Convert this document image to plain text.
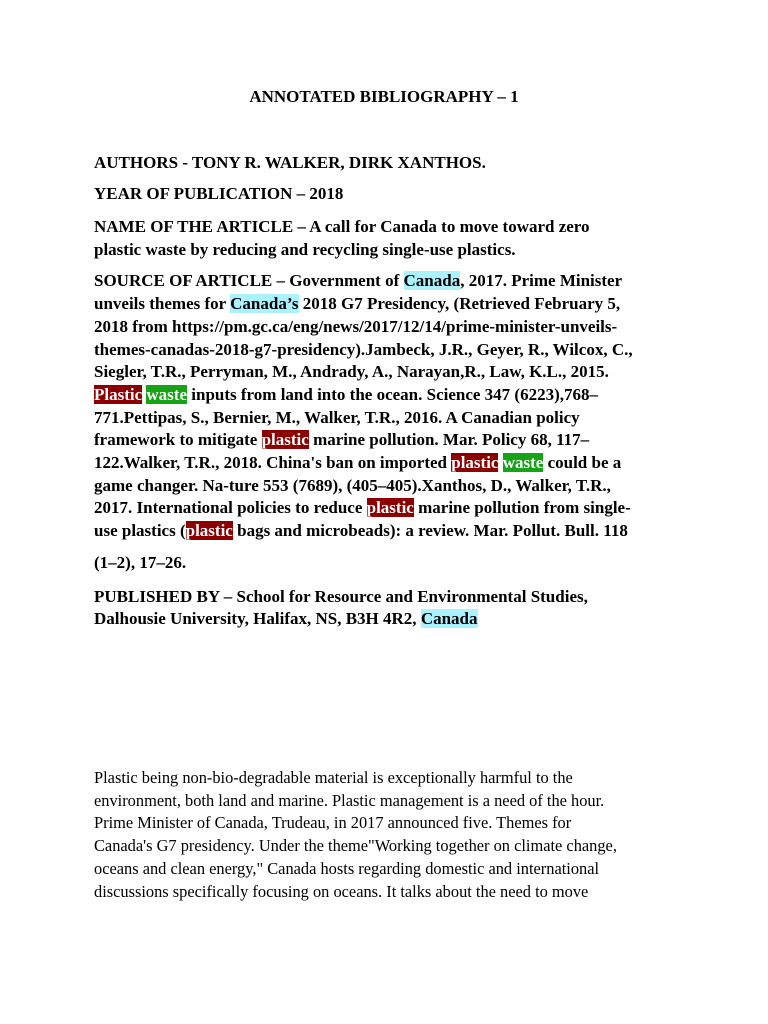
ANNOTATED BIBLIOGRAPHY – 1
AUTHORS - TONY R. WALKER, DIRK XANTHOS.
YEAR OF PUBLICATION – 2018
NAME OF THE ARTICLE – A call for Canada to move toward zero
plastic waste by reducing and recycling single-use plastics.
SOURCE OF ARTICLE – Government of Canada, 2017. Prime Minister
unveils themes for Canada’s 2018 G7 Presidency, (Retrieved February 5,
2018 from https://pm.gc.ca/eng/news/2017/12/14/prime-minister-unveils-
themes-canadas-2018-g7-presidency).Jambeck, J.R., Geyer, R., Wilcox, C.,
Siegler, T.R., Perryman, M., Andrady, A., Narayan,R., Law, K.L., 2015.
Plastic waste inputs from land into the ocean. Science 347 (6223),768–
771.Pettipas, S., Bernier, M., Walker, T.R., 2016. A Canadian policy
framework to mitigate plastic marine pollution. Mar. Policy 68, 117–
122.Walker, T.R., 2018. China's ban on imported plastic waste could be a
game changer. Na-ture 553 (7689), (405–405).Xanthos, D., Walker, T.R.,
2017. International policies to reduce plastic marine pollution from single-
use plastics (plastic bags and microbeads): a review. Mar. Pollut. Bull. 118
(1–2), 17–26.
PUBLISHED BY – School for Resource and Environmental Studies,
Dalhousie University, Halifax, NS, B3H 4R2, Canada
Plastic being non-bio-degradable material is exceptionally harmful to the
environment, both land and marine. Plastic management is a need of the hour.
Prime Minister of Canada, Trudeau, in 2017 announced five. Themes for
Canada's G7 presidency. Under the theme"Working together on climate change,
oceans and clean energy," Canada hosts regarding domestic and international
discussions specifically focusing on oceans. It talks about the need to move
